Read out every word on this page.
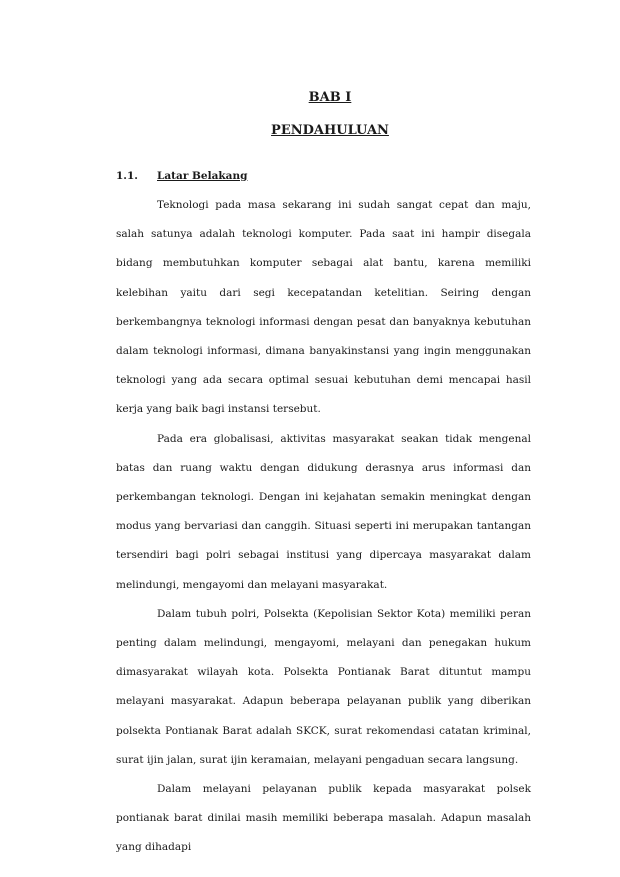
BAB I
PENDAHULUAN
1.1. Latar Belakang

Teknologi pada masa sekarang ini sudah sangat cepat dan maju, salah satunya adalah teknologi komputer. Pada saat ini hampir disegala bidang membutuhkan komputer sebagai alat bantu, karena memiliki kelebihan yaitu dari segi kecepatandan ketelitian. Seiring dengan berkembangnya teknologi informasi dengan pesat dan banyaknya kebutuhan dalam teknologi informasi, dimana banyakinstansi yang ingin menggunakan teknologi yang ada secara optimal sesuai kebutuhan demi mencapai hasil kerja yang baik bagi instansi tersebut.

Pada era globalisasi, aktivitas masyarakat seakan tidak mengenal batas dan ruang waktu dengan didukung derasnya arus informasi dan perkembangan teknologi. Dengan ini kejahatan semakin meningkat dengan modus yang bervariasi dan canggih. Situasi seperti ini merupakan tantangan tersendiri bagi polri sebagai institusi yang dipercaya masyarakat dalam melindungi, mengayomi dan melayani masyarakat.

Dalam tubuh polri, Polsekta (Kepolisian Sektor Kota) memiliki peran penting dalam melindungi, mengayomi, melayani dan penegakan hukum dimasyarakat wilayah kota. Polsekta Pontianak Barat dituntut mampu melayani masyarakat. Adapun beberapa pelayanan publik yang diberikan polsekta Pontianak Barat adalah SKCK, surat rekomendasi catatan kriminal, surat ijin jalan, surat ijin keramaian, melayani pengaduan secara langsung.

Dalam melayani pelayanan publik kepada masyarakat polsek pontianak barat dinilai masih memiliki beberapa masalah. Adapun masalah yang dihadapi
